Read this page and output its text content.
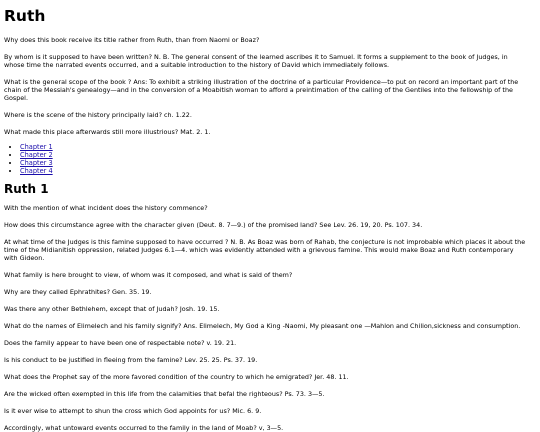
Ruth

Why does this book receive its title rather from Ruth, than from Naomi or Boaz?

By whom is it supposed to have been written? N. B. The general consent of the learned ascribes it to Samuel. It forms a supplement to the book of Judges, in whose time the narrated events occurred, and a suitable introduction to the history of David which immediately follows.

What is the general scope of the book ? Ans: To exhibit a striking illustration of the doctrine of a particular Providence—to put on record an important part of the chain of the Messiah's genealogy—and in the conversion of a Moabitish woman to afford a preintimation of the calling of the Gentiles into the fellowship of the Gospel.

Where is the scene of the history principally laid? ch. 1.22.

What made this place afterwards still more illustrious? Mat. 2. 1.

• Chapter 1
• Chapter 2
• Chapter 3
• Chapter 4
Ruth 1

With the mention of what incident does the history commence?

How does this circumstance agree with the character given (Deut. 8. 7—9.) of the promised land? See Lev. 26. 19, 20. Ps. 107. 34.

At what time of the Judges is this famine supposed to have occurred ? N. B. As Boaz was born of Rahab, the conjecture is not improbable which places it about the time of the Midianitish oppression, related Judges 6.1—4. which was evidently attended with a grievous famine. This would make Boaz and Ruth contemporary with Gideon.

What family is here brought to view, of whom was it composed, and what is said of them?

Why are they called Ephrathites? Gen. 35. 19.

Was there any other Bethlehem, except that of Judah? Josh. 19. 15.

What do the names of Elimelech and his family signify? Ans. Elimelech, My God a King -Naomi, My pleasant one —Mahlon and Chilion,sickness and consumption.

Does the family appear to have been one of respectable note? v. 19. 21.

Is his conduct to be justified in fleeing from the famine? Lev. 25. 25. Ps. 37. 19.

What does the Prophet say of the more favored condition of the country to which he emigrated? Jer. 48. 11.

Are the wicked often exempted in this life from the calamities that befal the righteous? Ps. 73. 3—5.

Is it ever wise to attempt to shun the cross which God appoints for us? Mic. 6. 9.

Accordingly, what untoward events occurred to the family in the land of Moab? v, 3—5.
